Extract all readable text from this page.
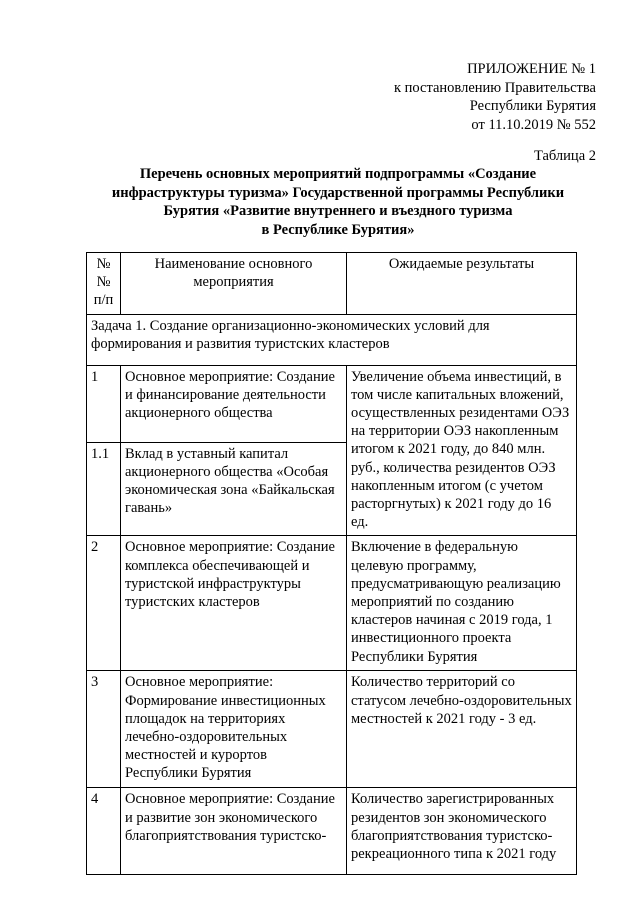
ПРИЛОЖЕНИЕ № 1
к постановлению Правительства
Республики Бурятия
от 11.10.2019 № 552
Таблица 2
Перечень основных мероприятий подпрограммы «Создание
инфраструктуры туризма» Государственной программы Республики
Бурятия «Развитие внутреннего и въездного туризма
в Республике Бурятия»
№№ п/п	Наименование основного мероприятия	Ожидаемые результаты
Задача 1. Создание организационно-экономических условий для формирования и развития туристских кластеров		
1	Основное мероприятие: Создание и финансирование деятельности акционерного общества	Увеличение объема инвестиций, в том числе капитальных вложений, осуществленных резидентами ОЭЗ на территории ОЭЗ накопленным итогом к 2021 году, до 840 млн. руб., количества резидентов ОЭЗ накопленным итогом (с учетом расторгнутых) к 2021 году до 16 ед.
1.1	Вклад в уставный капитал акционерного общества «Особая экономическая зона «Байкальская гавань»	
2	Основное мероприятие: Создание комплекса обеспечивающей и туристской инфраструктуры туристских кластеров	Включение в федеральную целевую программу, предусматривающую реализацию мероприятий по созданию кластеров начиная с 2019 года, 1 инвестиционного проекта Республики Бурятия
3	Основное мероприятие: Формирование инвестиционных площадок на территориях лечебно-оздоровительных местностей и курортов Республики Бурятия	Количество территорий со статусом лечебно-оздоровительных местностей к 2021 году - 3 ед.
4	Основное мероприятие: Создание и развитие зон экономического благоприятствования туристско-	Количество зарегистрированных резидентов зон экономического благоприятствования туристско-рекреационного типа к 2021 году
